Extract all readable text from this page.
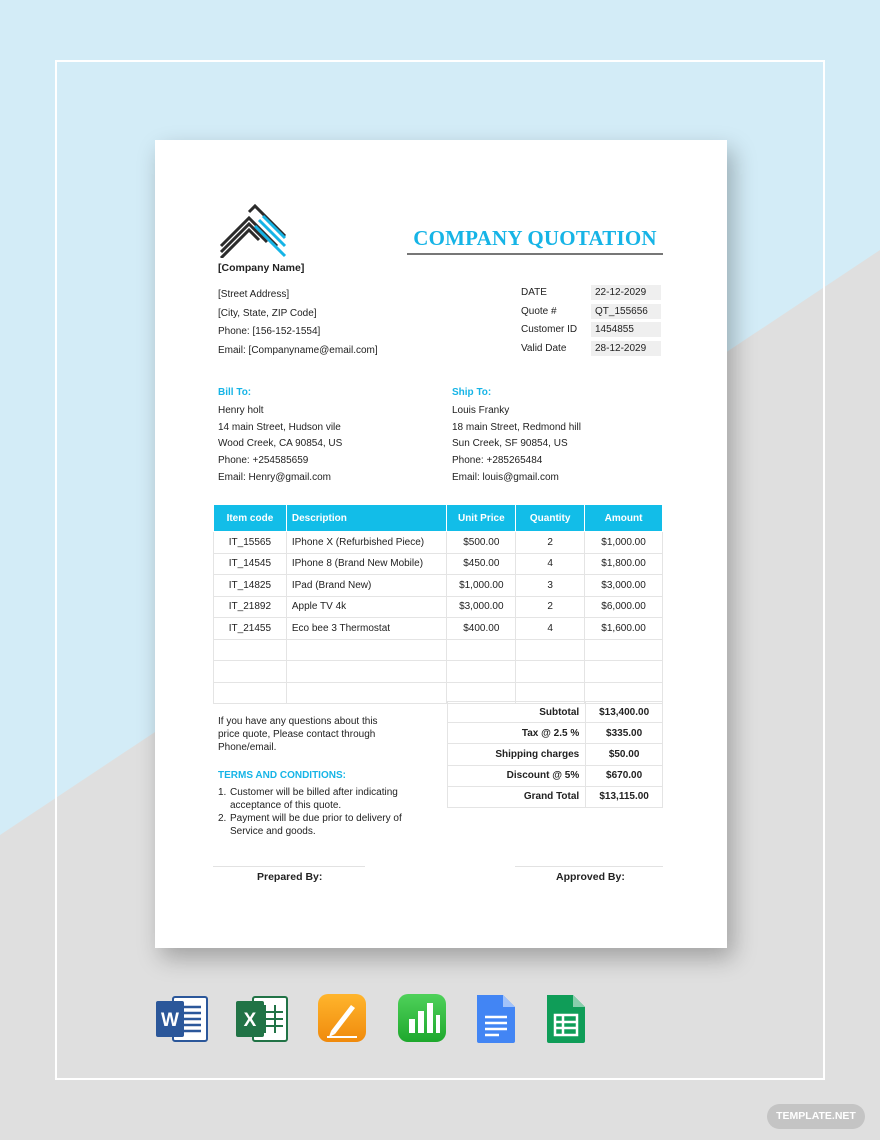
COMPANY QUOTATION
[Company Name]
[Street Address]
[City, State, ZIP Code]
Phone: [156-152-1554]
Email: [Companyname@email.com]
DATE	22-12-2029
Quote #	QT_155656
Customer ID	1454855
Valid Date	28-12-2029
Bill To:
Henry holt
14 main Street, Hudson vile
Wood Creek, CA 90854, US
Phone: +254585659
Email: Henry@gmail.com
Ship To:
Louis Franky
18 main Street, Redmond hill
Sun Creek, SF 90854, US
Phone: +285265484
Email: louis@gmail.com
Item code	Description	Unit Price	Quantity	Amount
IT_15565	IPhone X (Refurbished Piece)	$500.00	2	$1,000.00
IT_14545	IPhone 8 (Brand New Mobile)	$450.00	4	$1,800.00
IT_14825	IPad (Brand New)	$1,000.00	3	$3,000.00
IT_21892	Apple TV 4k	$3,000.00	2	$6,000.00
IT_21455	Eco bee 3 Thermostat	$400.00	4	$1,600.00

If you have any questions about this price quote, Please contact through Phone/email.
TERMS AND CONDITIONS:
1. Customer will be billed after indicating acceptance of this quote.
2. Payment will be due prior to delivery of Service and goods.
Subtotal	$13,400.00
Tax @ 2.5 %	$335.00
Shipping charges	$50.00
Discount @ 5%	$670.00
Grand Total	$13,115.00
Prepared By:	Approved By:
W	X
TEMPLATE.NET
